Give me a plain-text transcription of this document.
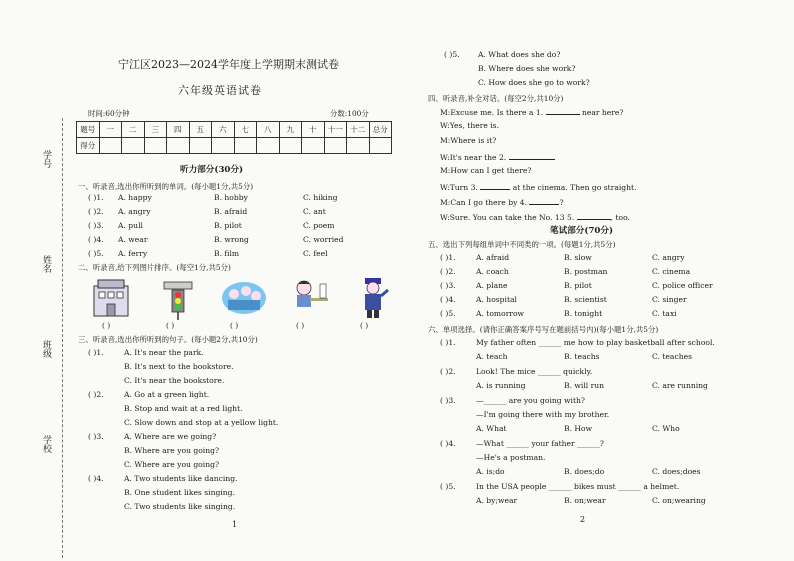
学号
姓名
班级
学校
宁江区2023—2024学年度上学期期末测试卷
六年级英语试卷
时间:60分钟	分数:100分
题号	一	二	三	四	五	六	七	八	九	十	十一	十二	总分
得分													
听力部分(30分)
一、听录音,选出你所听到的单词。(每小题1分,共5分)
( )1. A. happy	B. hobby	C. hiking
( )2. A. angry	B. afraid	C. ant
( )3. A. pull	B. pilot	C. poem
( )4. A. wear	B. wrong	C. worried
( )5. A. ferry	B. film	C. feel
二、听录音,给下列图片排序。(每空1分,共5分)
( )	( )	( )	( )	( )
三、听录音,选出你所听到的句子。(每小题2分,共10分)
( )1.	A. It's near the park.
B. It's next to the bookstore.
C. It's near the bookstore.
( )2.	A. Go at a green light.
B. Stop and wait at a red light.
C. Slow down and stop at a yellow light.
( )3.	A. Where are we going?
B. Where are you going?
C. Where are you going?
( )4.	A. Two students like dancing.
B. One student likes singing.
C. Two students like singing.
1
( )5. A. What does she do?
B. Where does she work?
C. How does she go to work?
四、听录音,补全对话。(每空2分,共10分)
M:Excuse me. Is there a 1.	near here?
W:Yes, there is.
M:Where is it?
W:It's near the 2.
M:How can I get there?
W:Turn 3.	at the cinema. Then go straight.
M:Can I go there by 4.	?
W:Sure. You can take the No. 13 5.	, too.
笔试部分(70分)
五、选出下列每组单词中不同类的一项。(每题1分,共5分)
( )1.	A. afraid	B. slow	C. angry
( )2.	A. coach	B. postman	C. cinema
( )3.	A. plane	B. pilot	C. police officer
( )4.	A. hospital	B. scientist	C. singer
( )5.	A. tomorrow	B. tonight	C. taxi
六、单项选择。(请你正确答案序号写在题前括号内)(每小题1分,共5分)
( )1.	My father often ______ me how to play basketball after school.
A. teach	B. teachs	C. teaches
( )2.	Look! The mice ______ quickly.
A. is running	B. will run	C. are running
( )3.	—______ are you going with?
—I'm going there with my brother.
A. What	B. How	C. Who
( )4.	—What ______ your father ______?
—He's a postman.
A. is;do	B. does;do	C. does;does
( )5.	In the USA people ______ bikes must ______ a helmet.
A. by;wear	B. on;wear	C. on;wearing
2
